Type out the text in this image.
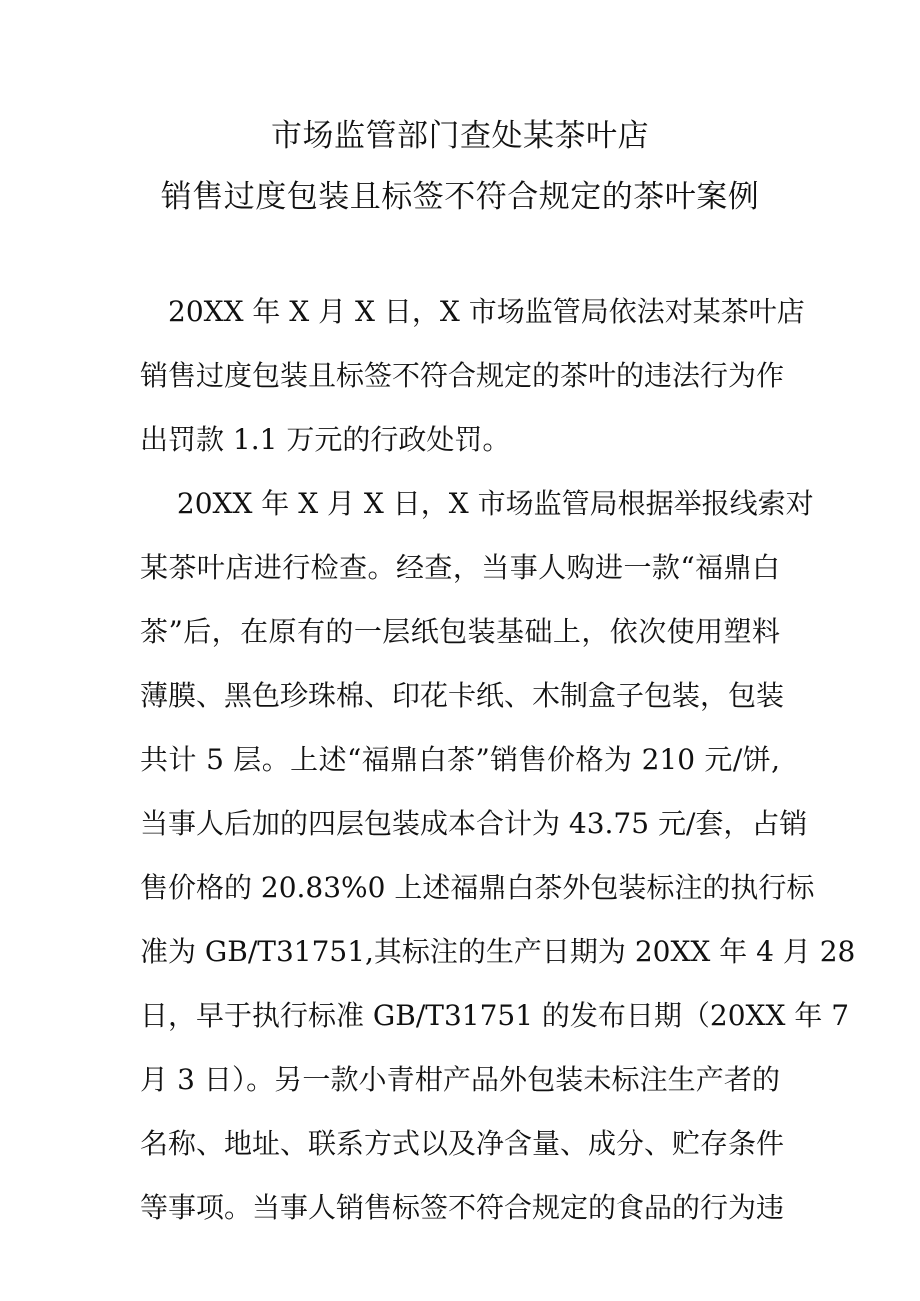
市场监管部门查处某茶叶店
销售过度包装且标签不符合规定的茶叶案例
　20XX 年 X 月 X 日，X 市场监管局依法对某茶叶店
销售过度包装且标签不符合规定的茶叶的违法行为作
出罚款 1.1 万元的行政处罚。
　 20XX 年 X 月 X 日，X 市场监管局根据举报线索对
某茶叶店进行检查。经查，当事人购进一款“福鼎白
茶”后，在原有的一层纸包装基础上，依次使用塑料
薄膜、黑色珍珠棉、印花卡纸、木制盒子包装，包装
共计 5 层。上述“福鼎白茶”销售价格为 210 元/饼,
当事人后加的四层包装成本合计为 43.75 元/套，占销
售价格的 20.83%0 上述福鼎白茶外包装标注的执行标
准为 GB/T31751,其标注的生产日期为 20XX 年 4 月 28
日，早于执行标准 GB/T31751 的发布日期（20XX 年 7
月 3 日）。另一款小青柑产品外包装未标注生产者的
名称、地址、联系方式以及净含量、成分、贮存条件
等事项。当事人销售标签不符合规定的食品的行为违
